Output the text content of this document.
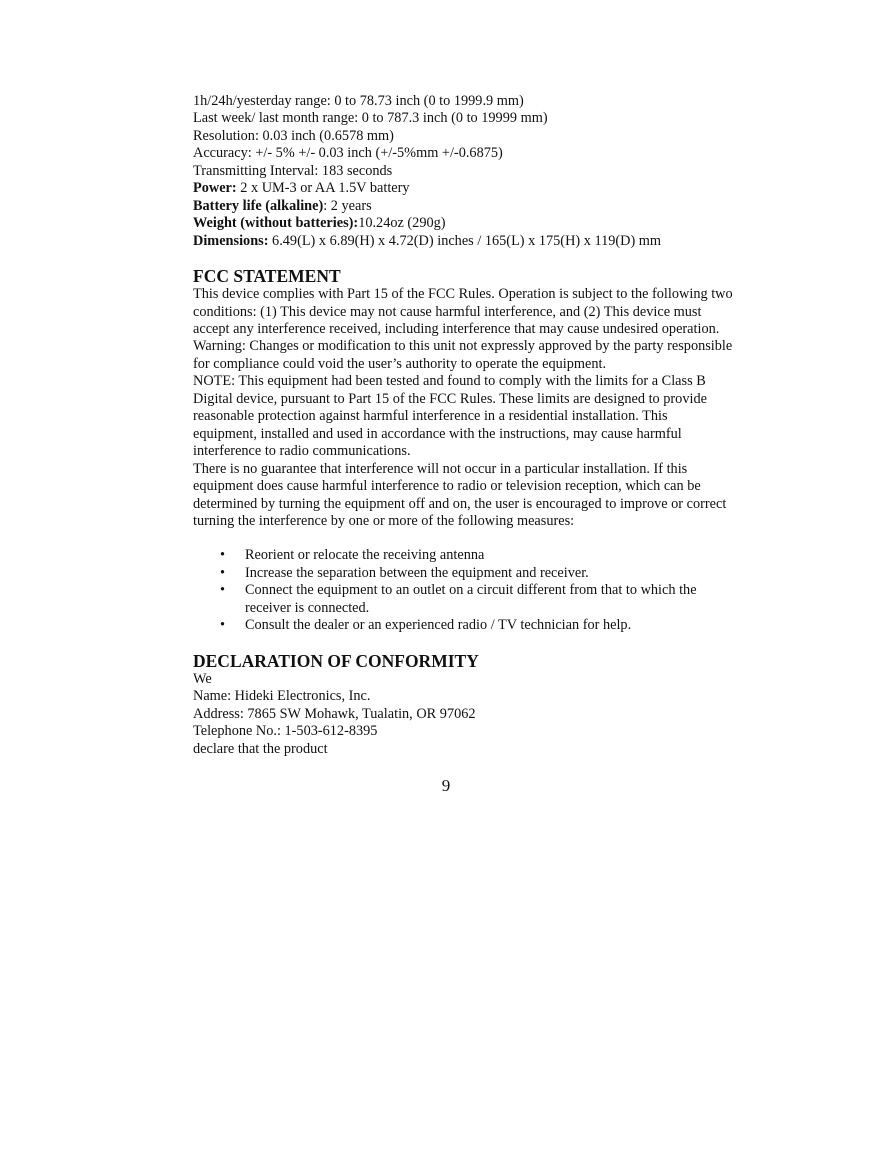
1h/24h/yesterday range: 0 to 78.73 inch (0 to 1999.9 mm)
Last week/ last month range: 0 to 787.3 inch (0 to 19999 mm)
Resolution: 0.03 inch (0.6578 mm)
Accuracy: +/- 5% +/- 0.03 inch (+/-5%mm +/-0.6875)
Transmitting Interval: 183 seconds
Power: 2 x UM-3 or AA 1.5V battery
Battery life (alkaline): 2 years
Weight (without batteries):10.24oz (290g)
Dimensions: 6.49(L) x 6.89(H) x 4.72(D) inches / 165(L) x 175(H) x 119(D) mm
FCC STATEMENT
This device complies with Part 15 of the FCC Rules. Operation is subject to the following two conditions: (1) This device may not cause harmful interference, and (2) This device must accept any interference received, including interference that may cause undesired operation.
Warning: Changes or modification to this unit not expressly approved by the party responsible for compliance could void the user’s authority to operate the equipment.
NOTE: This equipment had been tested and found to comply with the limits for a Class B Digital device, pursuant to Part 15 of the FCC Rules. These limits are designed to provide reasonable protection against harmful interference in a residential installation. This equipment, installed and used in accordance with the instructions, may cause harmful interference to radio communications.
There is no guarantee that interference will not occur in a particular installation. If this equipment does cause harmful interference to radio or television reception, which can be determined by turning the equipment off and on, the user is encouraged to improve or correct turning the interference by one or more of the following measures:
• Reorient or relocate the receiving antenna
• Increase the separation between the equipment and receiver.
• Connect the equipment to an outlet on a circuit different from that to which the receiver is connected.
• Consult the dealer or an experienced radio / TV technician for help.
DECLARATION OF CONFORMITY
We
Name: Hideki Electronics, Inc.
Address: 7865 SW Mohawk, Tualatin, OR 97062
Telephone No.: 1-503-612-8395
declare that the product
9
